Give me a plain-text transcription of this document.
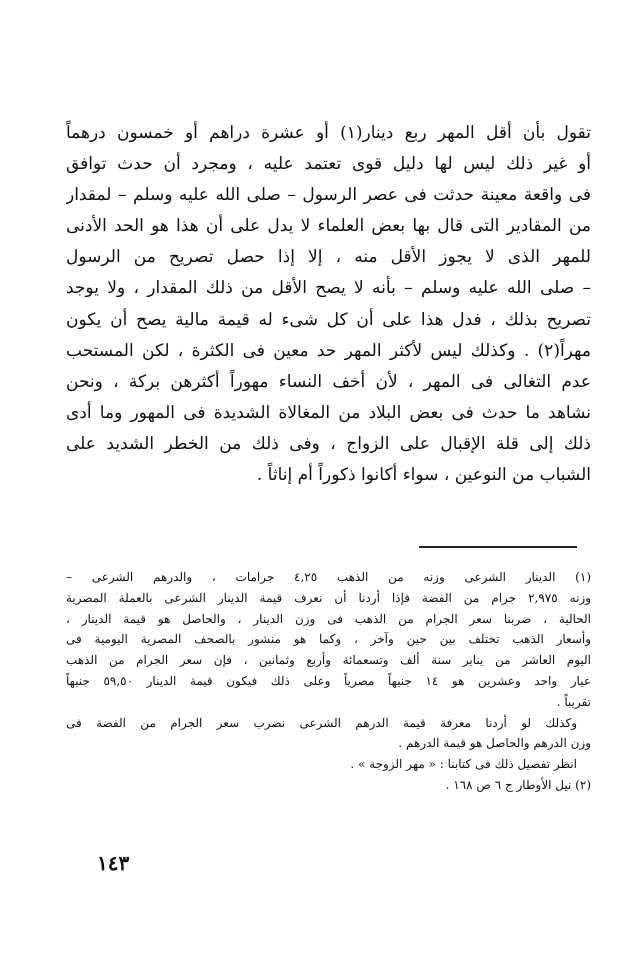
تقول بأن أقل المهر ربع دينار(١) أو عشرة دراهم أو خمسون درهماً
أو غير ذلك ليس لها دليل قوى تعتمد عليه ، ومجرد أن حدث توافق
فى واقعة معينة حدثت فى عصر الرسول – صلى الله عليه وسلم – لمقدار
من المقادير التى قال بها بعض العلماء لا يدل على أن هذا هو الحد الأدنى
للمهر الذى لا يجوز الأقل منه ، إلا إذا حصل تصريح من الرسول
– صلى الله عليه وسلم – بأنه لا يصح الأقل من ذلك المقدار ، ولا يوجد
تصريح بذلك ، فدل هذا على أن كل شىء له قيمة مالية يصح أن يكون
مهراً(٢) . وكذلك ليس لأكثر المهر حد معين فى الكثرة ، لكن المستحب
عدم التغالى فى المهر ، لأن أخف النساء مهوراً أكثرهن بركة ، ونحن
نشاهد ما حدث فى بعض البلاد من المغالاة الشديدة فى المهور وما أدى
ذلك إلى قلة الإقبال على الزواج ، وفى ذلك من الخطر الشديد على
الشباب من النوعين ، سواء أكانوا ذكوراً أم إناثاً .
(١) الدينار الشرعى وزنه من الذهب ٤,٢٥ جرامات ، والدرهم الشرعى –
وزنه ٢,٩٧٥ جرام من الفضة فإذا أردنا أن نعرف قيمة الدينار الشرعى بالعملة المصرية
الحالية ، ضربنا سعر الجرام من الذهب فى وزن الدينار ، والحاصل هو قيمة الدينار ،
وأسعار الذهب تختلف بين حين وآخر ، وكما هو منشور بالصحف المصرية اليومية فى
اليوم العاشر من يناير سنة ألف وتسعمائة وأربع وثمانين ، فإن سعر الجرام من الذهب
عيار واحد وعشرين هو ١٤ جنيهاً مصرياً وعلى ذلك فيكون قيمة الدينار ٥٩,٥٠ جنيهاً
تقريباً .
وكذلك لو أردنا معرفة قيمة الدرهم الشرعى نضرب سعر الجرام من الفضة فى
وزن الدرهم والحاصل هو قيمة الدرهم .
انظر تفصيل ذلك فى كتابنا : « مهر الزوجة » .
(٢) نيل الأوطار ج ٦ ص ١٦٨ .
١٤٣
